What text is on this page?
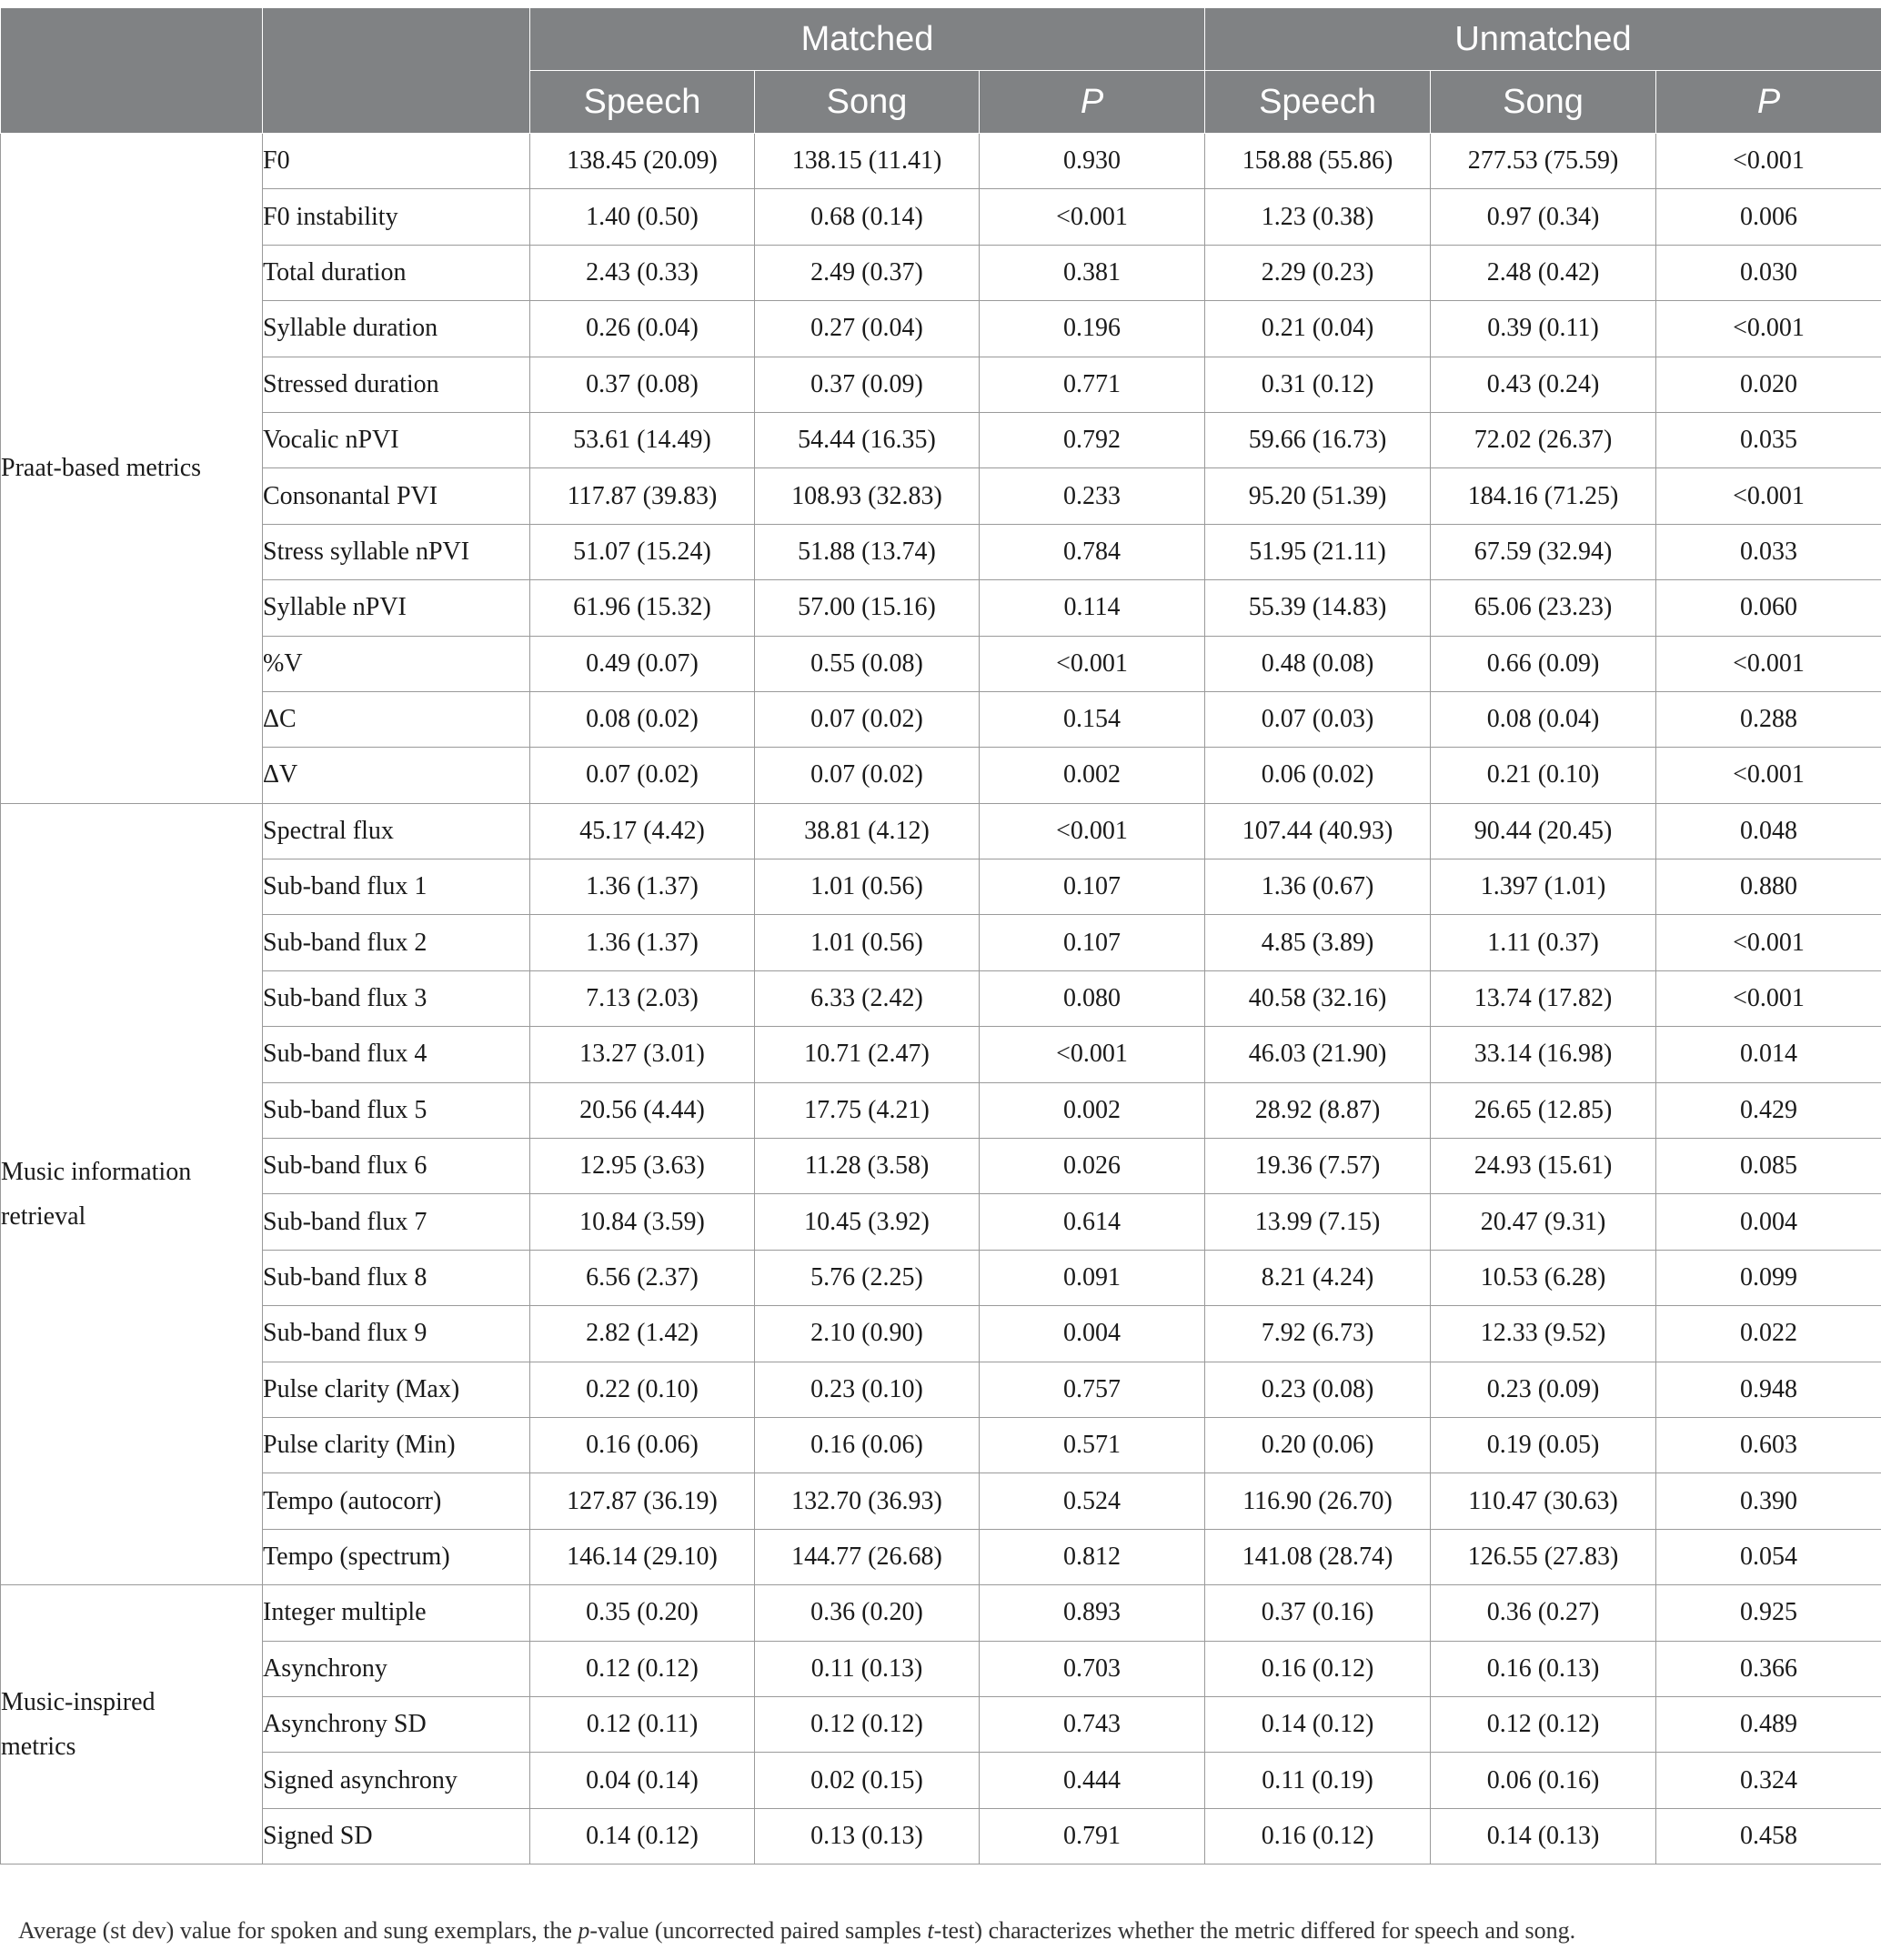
		Matched			Unmatched		
		Speech	Song	P	Speech	Song	P
Praat-based metrics	F0	138.45 (20.09)	138.15 (11.41)	0.930	158.88 (55.86)	277.53 (75.59)	<0.001
	F0 instability	1.40 (0.50)	0.68 (0.14)	<0.001	1.23 (0.38)	0.97 (0.34)	0.006
	Total duration	2.43 (0.33)	2.49 (0.37)	0.381	2.29 (0.23)	2.48 (0.42)	0.030
	Syllable duration	0.26 (0.04)	0.27 (0.04)	0.196	0.21 (0.04)	0.39 (0.11)	<0.001
	Stressed duration	0.37 (0.08)	0.37 (0.09)	0.771	0.31 (0.12)	0.43 (0.24)	0.020
	Vocalic nPVI	53.61 (14.49)	54.44 (16.35)	0.792	59.66 (16.73)	72.02 (26.37)	0.035
	Consonantal PVI	117.87 (39.83)	108.93 (32.83)	0.233	95.20 (51.39)	184.16 (71.25)	<0.001
	Stress syllable nPVI	51.07 (15.24)	51.88 (13.74)	0.784	51.95 (21.11)	67.59 (32.94)	0.033
	Syllable nPVI	61.96 (15.32)	57.00 (15.16)	0.114	55.39 (14.83)	65.06 (23.23)	0.060
	%V	0.49 (0.07)	0.55 (0.08)	<0.001	0.48 (0.08)	0.66 (0.09)	<0.001
	ΔC	0.08 (0.02)	0.07 (0.02)	0.154	0.07 (0.03)	0.08 (0.04)	0.288
	ΔV	0.07 (0.02)	0.07 (0.02)	0.002	0.06 (0.02)	0.21 (0.10)	<0.001
Music information
retrieval	Spectral flux	45.17 (4.42)	38.81 (4.12)	<0.001	107.44 (40.93)	90.44 (20.45)	0.048
	Sub-band flux 1	1.36 (1.37)	1.01 (0.56)	0.107	1.36 (0.67)	1.397 (1.01)	0.880
	Sub-band flux 2	1.36 (1.37)	1.01 (0.56)	0.107	4.85 (3.89)	1.11 (0.37)	<0.001
	Sub-band flux 3	7.13 (2.03)	6.33 (2.42)	0.080	40.58 (32.16)	13.74 (17.82)	<0.001
	Sub-band flux 4	13.27 (3.01)	10.71 (2.47)	<0.001	46.03 (21.90)	33.14 (16.98)	0.014
	Sub-band flux 5	20.56 (4.44)	17.75 (4.21)	0.002	28.92 (8.87)	26.65 (12.85)	0.429
	Sub-band flux 6	12.95 (3.63)	11.28 (3.58)	0.026	19.36 (7.57)	24.93 (15.61)	0.085
	Sub-band flux 7	10.84 (3.59)	10.45 (3.92)	0.614	13.99 (7.15)	20.47 (9.31)	0.004
	Sub-band flux 8	6.56 (2.37)	5.76 (2.25)	0.091	8.21 (4.24)	10.53 (6.28)	0.099
	Sub-band flux 9	2.82 (1.42)	2.10 (0.90)	0.004	7.92 (6.73)	12.33 (9.52)	0.022
	Pulse clarity (Max)	0.22 (0.10)	0.23 (0.10)	0.757	0.23 (0.08)	0.23 (0.09)	0.948
	Pulse clarity (Min)	0.16 (0.06)	0.16 (0.06)	0.571	0.20 (0.06)	0.19 (0.05)	0.603
	Tempo (autocorr)	127.87 (36.19)	132.70 (36.93)	0.524	116.90 (26.70)	110.47 (30.63)	0.390
	Tempo (spectrum)	146.14 (29.10)	144.77 (26.68)	0.812	141.08 (28.74)	126.55 (27.83)	0.054
Music-inspired
metrics	Integer multiple	0.35 (0.20)	0.36 (0.20)	0.893	0.37 (0.16)	0.36 (0.27)	0.925
	Asynchrony	0.12 (0.12)	0.11 (0.13)	0.703	0.16 (0.12)	0.16 (0.13)	0.366
	Asynchrony SD	0.12 (0.11)	0.12 (0.12)	0.743	0.14 (0.12)	0.12 (0.12)	0.489
	Signed asynchrony	0.04 (0.14)	0.02 (0.15)	0.444	0.11 (0.19)	0.06 (0.16)	0.324
	Signed SD	0.14 (0.12)	0.13 (0.13)	0.791	0.16 (0.12)	0.14 (0.13)	0.458
Average (st dev) value for spoken and sung exemplars, the p-value (uncorrected paired samples t-test) characterizes whether the metric differed for speech and song.
